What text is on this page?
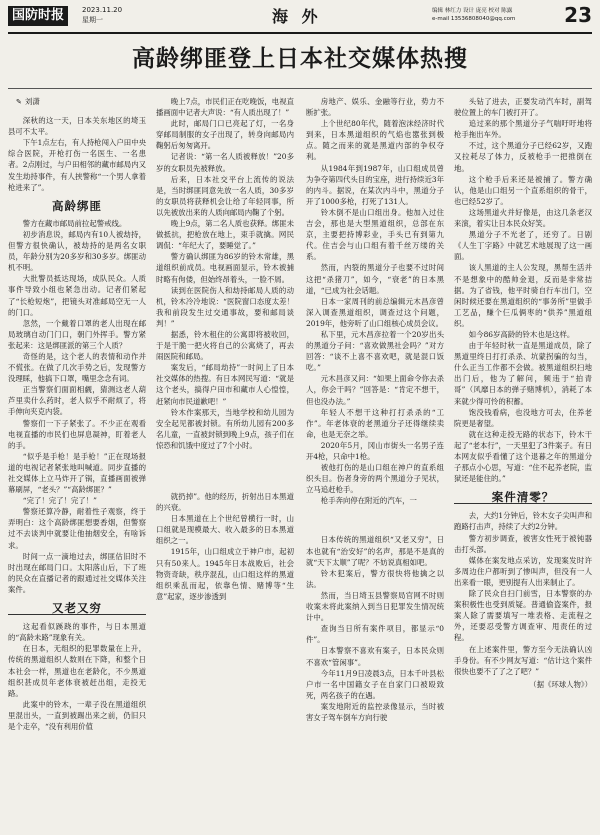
国防时报	2023.11.20
星期一	海 外	编辑 林红力 设计 庞亮 校对 陈露
e-mail 13536808040@qq.com	23
高龄绑匪登上日本社交媒体热搜
✎ 刘潇

深秋的这一天，日本关东地区的埼玉县可不太平。

下午1点左右，有人持枪闯入户田中央综合医院，开枪打伤一名医生、一名患者。2点刚过，与户田相邻的藏市邮局内又发生劫持事件，有人挟警称“一个男人拿着枪进来了”。

高龄绑匪

警方在藏市邮局前拉起警戒线。

初步消息说，邮局内有10人被劫持，但警方很快确认，被劫持的是两名女职员，年龄分别为20多岁和30多岁。绑匪动机不明。

大批警员抵达现场，成队民众。人质事件导致小组也紧急出动。记者们紧起了“长枪短炮”，把镜头对准邮局空无一人的门口。

忽然，一个戴着口罩的老人出现在邮局玻璃自动门门口，朝门外挥手。警方紧张起来：这是绑匪派的第三个人质？

奇怪的是，这个老人的表情和动作并不慌张。在做了几次手势之后，发现警方没理睬，他搞下口罩，嘴里念念有词。

正当警察们面面相觑，猜测这老人葫芦里卖什么药时，老人似乎不耐烦了，将手伸向夹克内袋。

警察们一下子紧张了。不少正在观看电视直播的市民们也屏息凝神，盯着老人的手。

“似乎是手枪！是手枪！”正在现场报道的电视记者紧张地叫喊道。同步直播的社交媒体上立马炸开了锅，直播画面被弹幕刷屏，“老头？”“高龄绑匪？”

“完了！完了！完了！”

警察还算冷静，耐着性子观察，终于弄明白：这个高龄绑匪想要香烟，但警察过不去谈判中就要让他抽烟安全，有啥诉求。

时间一点一滴地过去，绑匪估旧时不时出现在邮局门口。太阳落山后，下了班的民众在直播记者的跟通过社交媒体关注案件。

又老又穷

这起看似蹊跷的事件，与日本黑道的“高龄未路”现象有关。

在日本，无组织的犯罪数量在上升，传统的黑道组织人数则在下降，和整个日本社会一样，黑道也在老龄化，不少黑道组织甚成员年老体衰被赶出组，走投无路。

此案中的铃木，一辈子没在黑道组织里混出头，一直到被踢出来之前，仍旧只是个走卒，“没有利用价值

晚上7点，市民们正在吃晚饭，电视直播画面中记者大声说：“有人质出现了！”

此时，邮局门口已亮起了灯，一名身穿邮局制服的女子出现了，转身向邮局内鞠躬后匆匆离开。

记者说：“第一名人质被释放！”20多岁的女职员先被释放。

后来，日本社交平台上流传的说法是，当时绑匪同意先放一名人质，30多岁的女职员将获释机会让给了年轻同事，所以先被放出来的人质向邮局内鞠了个躬。

晚上9点，第二名人质也获释。绑匪未做抵抗，把枪放在地上，束手就擒。网民调侃：“年纪大了，要睡觉了。”

警方确认绑匪为86岁的铃木常雄，黑道组织前成员。电视画面显示，铃木被捕时略有佝偻，但始终昂着头，一脸不屑。

读到在医院伤人和劫持邮局人质的动机，铃木冷冷地说：“医院窗口态度太差！我和前段发生过交通事故，要和邮局谈判！”

据悉，铃木租住的公寓即将被收回，于是干脆一把火将自己的公寓烧了，再去闹医院和邮局。

案发后，“邮局劫持”一时间上了日本社交媒体的热搜。有日本网民写道：“就是这个老头，搞得户田市和藏市人心惶惶，赶紧向市民道歉吧！”

铃木作案那天，当地学校和幼儿园为安全起见都被封锁。有所幼儿园有200多名儿童，一直被封锁到晚上9点，孩子们在惊恐和饥饿中度过了7个小时。

就扔掉”。他的经历，折射出日本黑道的兴衰。

日本黑道在上个世纪曾横行一时，山口组就是现模最大、收入最多的日本黑道组织之一。

1915年，山口组成立于神户市，起初只有50来人。1945年日本战败后，社会物资奇缺，秩序混乱，山口组这样的黑道组织乘乱而起，依靠色情、赌博等“生意”起家，逐步渗透到

房地产、娱乐、金融等行业，势力不断扩张。

上个世纪80年代，随着泡沫经济时代到来，日本黑道组织的气焰也嚣张到极点。随之而来的就是黑道内部的争权夺利。

从1984年到1987年，山口组成员曾为争夺第四代头目的宝座，进行持续近3年的内斗。据说，在某次内斗中，黑道分子开了1000多枪，打死了131人。

铃木倒不是山口组出身。他加入过住吉会，那也是大型黑道组织，总部在东京，主要把持博彩业，手头已有到第九代。住吉会与山口组有着千丝万缕的关系。

然而，内裂的黑道分子也要不过时间这把“杀猪刀”，如今，“衰老”的日本黑道，“已成为社会话题。

日本一家周刊的前总编辑元木昌彦曾深入调查黑道组织，调查过这个问题，2019年，他旁听了山口组核心成员会议。

私下里，元木昌彦拉着一个20岁出头的黑道分子问：“喜欢做黑社会吗？”对方回答：“谈不上喜不喜欢吧，就是混口饭吃。”

元木昌彦又问：“如果上面命令你去杀人，你会干吗？”回答是：“肯定不想干，但也没办法。”

年轻人不想干这种打打杀杀的“工作”。年老体衰的老黑道分子还得继续卖命，也是无奈之举。

2020年5月，冈山市街头一名男子连开4枪，只命中1枪。

被他打伤的是山口组在神户的直系组织头目。伤者身旁的两个黑道分子见状，立马追赶枪手。

枪手奔向停在附近的汽车，一

日本传统的黑道组织“又老又穷”，日本也就有“治安好”的名声，那是不是真的就“天下太顺”了呢？不妨说真相如吧。

铃木犯案后，警方很快将他擒之以法。

然而，当日埼玉县警察局官网不时则收案未将此案纳入到当日犯罪发生情况统计中。

查询当日所有案件项目，都显示“0件”。

日本警察不喜欢有案子，日本民众则不喜欢“管闲事”。

今年11月9日凌晨3点，日本千叶县松户市一名中国籍女子在自家门口被殴致死，两名孩子的在遇。

案发地附近的监控录像显示，当时被害女子驾车倒车方向行驶

头钻了进去，正要发动汽车时，副驾驶位置上的车门被打开了。

追过来的那个黑道分子气喘吁吁地将枪手拖出车外。

不过，这个黑道分子已经62岁，又跑又拉耗尽了体力，反被枪手一把推倒在地。

这个枪手后来还是被捕了。警方确认，他是山口组另一个直系组织的骨干，也已经52岁了。

这场黑道火并好像是，由这几条老汉来演，着实让日本民众好笑。

黑道分子不光老了，还穷了。日剧《人生丁字路》中就艺术地展现了这一画面。

该人黑道的主人公发现，黑帮生活并不是想象中的酷帅金退，反而是非常拮据。为了省钱，他平时骑自行车出门，空闲时候还要在黑道组织的“事务所”里做手工艺品，赚个仨瓜俩枣的“供养”黑道组织。

如今86岁高龄的铃木也是这样。

由于年轻时秋一直是黑道成员，除了黑道里终日打打杀杀、坑蒙拐骗的勾当，什么正当工作都不会做。被黑道组织扫地出门后，他为了解问，频违于“拍青哥”（风靡日本的弹子赌博机），消耗了本来就少得可怜的积蓄。

饱没钱看病，也没地方可去，住养老院更是奢望。

就在这种走投无路的状态下，铃木干起了“老本行”，一天里犯了3件案子。有日本网友似乎看懂了这个退暮之年的黑道分子那点小心思，写道：“住不起养老院，监狱还是能住的。”

案件清零？

去，大约1分钟后，铃木女子尖叫声和跑路打击声，持续了大约2分钟。

警方初步调查，被害女性死于被钝器击打头部。

媒体在案发地点采访，发现案发时许多周边住户都听到了惨叫声，但没有一人出来看一眼，更别提有人出来制止了。

除了民众自扫门前雪，日本警察的办案积极性也受到质疑。普通偷盗案件，报案人除了需要填写一堆表格、走流程之外，还要忍受警方调查审、甩责任的过程。

在上述案件里，警方至今无法确认凶手身份。有不少网友写道：“估计这个案件很快也要不了了之了吧？”

（据《环球人物》）
